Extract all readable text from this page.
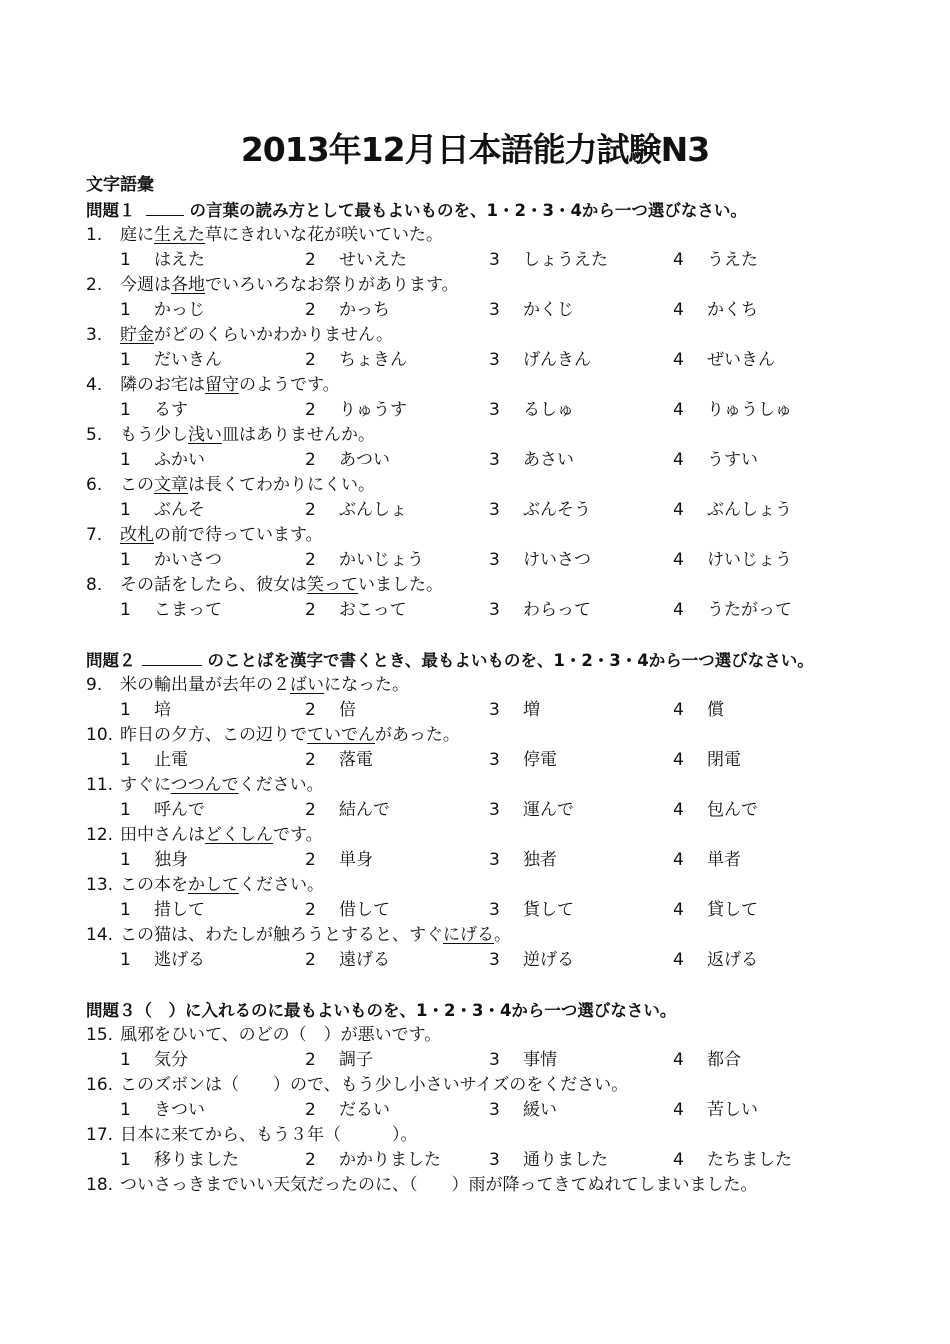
2013年12月日本語能力試験N3
文字語彙
問題１	の言葉の読み方として最もよいものを、1・2・3・4から一つ選びなさい。
1.	庭に生えた草にきれいな花が咲いていた。
1 はえた	2 せいえた	3 しょうえた	4 うえた
2.	今週は各地でいろいろなお祭りがあります。
1 かっじ	2 かっち	3 かくじ	4 かくち
3.	貯金がどのくらいかわかりません。
1 だいきん	2 ちょきん	3 げんきん	4 ぜいきん
4.	隣のお宅は留守のようです。
1 るす	2 りゅうす	3 るしゅ	4 りゅうしゅ
5.	もう少し浅い皿はありませんか。
1 ふかい	2 あつい	3 あさい	4 うすい
6.	この文章は長くてわかりにくい。
1 ぶんそ	2 ぶんしょ	3 ぶんそう	4 ぶんしょう
7.	改札の前で待っています。
1 かいさつ	2 かいじょう	3 けいさつ	4 けいじょう
8.	その話をしたら、彼女は笑っていました。
1 こまって	2 おこって	3 わらって	4 うたがって
問題２	のことばを漢字で書くとき、最もよいものを、1・2・3・4から一つ選びなさい。
9.	米の輸出量が去年の２ばいになった。
1 培	2 倍	3 増	4 償
10. 昨日の夕方、この辺りでていでんがあった。
1 止電	2 落電	3 停電	4 閉電
11. すぐにつつんでください。
1 呼んで	2 結んで	3 運んで	4 包んで
12. 田中さんはどくしんです。
1 独身	2 単身	3 独者	4 単者
13. この本をかしてください。
1 措して	2 借して	3 貨して	4 貸して
14. この猫は、わたしが触ろうとすると、すぐにげる。
1 逃げる	2 遠げる	3 逆げる	4 返げる
問題３（　）に入れるのに最もよいものを、1・2・3・4から一つ選びなさい。
15. 風邪をひいて、のどの（　）が悪いです。
1 気分	2 調子	3 事情	4 都合
16. このズボンは（　　）ので、もう少し小さいサイズのをください。
1 きつい	2 だるい	3 緩い	4 苦しい
17. 日本に来てから、もう３年（　　　）。
1 移りました	2 かかりました	3 通りました	4 たちました
18. ついさっきまでいい天気だったのに、（　　）雨が降ってきてぬれてしまいました。
